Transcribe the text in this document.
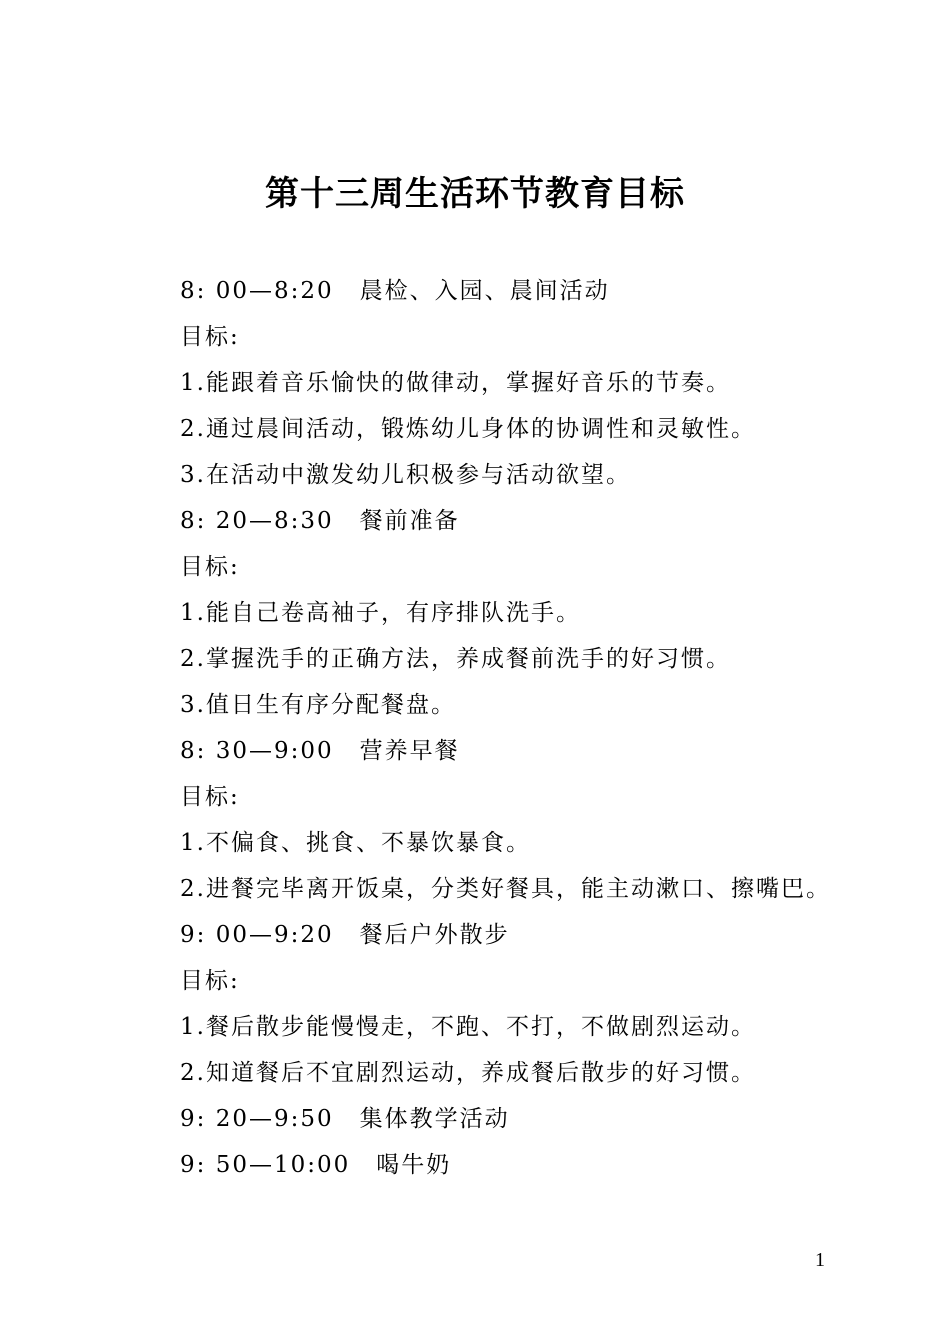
第十三周生活环节教育目标
8: 00—8:20 晨检、入园、晨间活动
目标:
1.能跟着音乐愉快的做律动，掌握好音乐的节奏。
2.通过晨间活动，锻炼幼儿身体的协调性和灵敏性。
3.在活动中激发幼儿积极参与活动欲望。
8: 20—8:30 餐前准备
目标:
1.能自己卷高袖子，有序排队洗手。
2.掌握洗手的正确方法，养成餐前洗手的好习惯。
3.值日生有序分配餐盘。
8: 30—9:00 营养早餐
目标:
1.不偏食、挑食、不暴饮暴食。
2.进餐完毕离开饭桌，分类好餐具，能主动漱口、擦嘴巴。
9: 00—9:20 餐后户外散步
目标:
1.餐后散步能慢慢走，不跑、不打，不做剧烈运动。
2.知道餐后不宜剧烈运动，养成餐后散步的好习惯。
9: 20—9:50 集体教学活动
9: 50—10:00 喝牛奶
1
